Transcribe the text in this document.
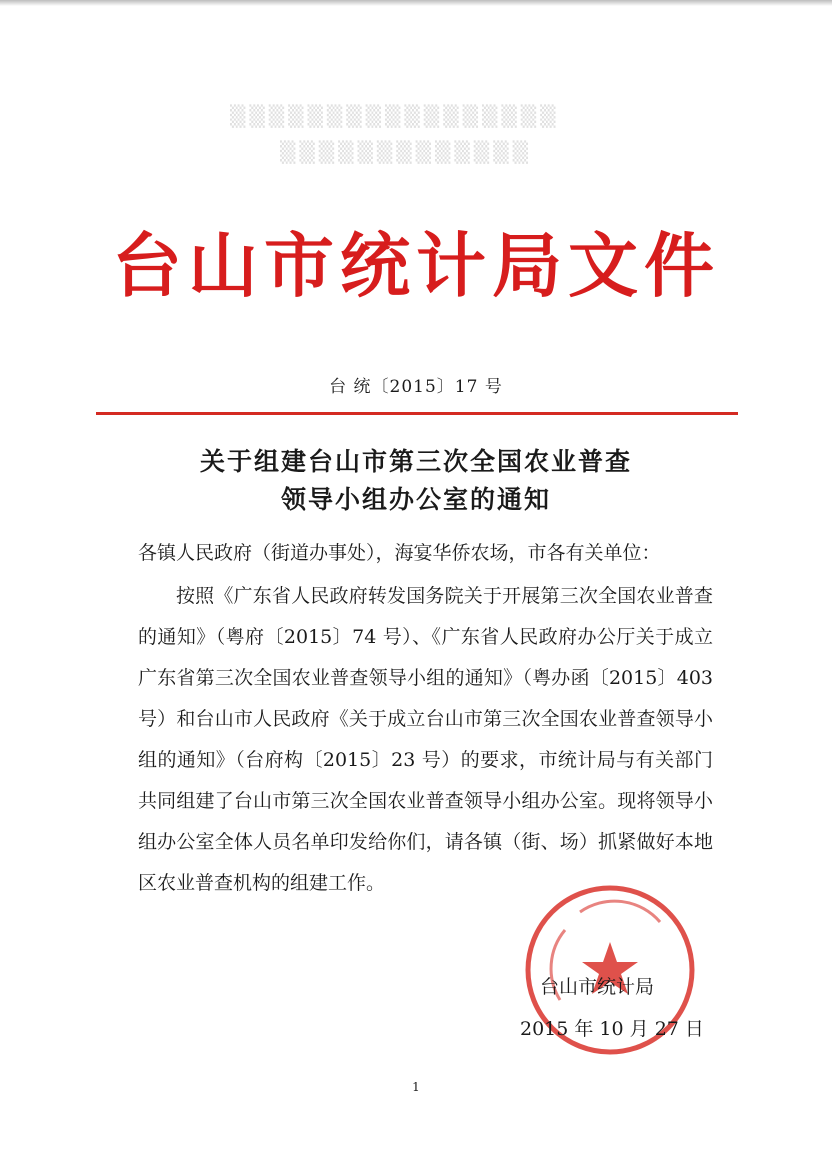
▒▒▒▒▒▒▒▒▒▒▒▒▒▒▒▒▒
▒▒▒▒▒▒▒▒▒▒▒▒▒
台山市统计局文件
台 统〔2015〕17 号
关于组建台山市第三次全国农业普查
领导小组办公室的通知
各镇人民政府（街道办事处），海宴华侨农场，市各有关单位：
按照《广东省人民政府转发国务院关于开展第三次全国农业普查的通知》（粤府〔2015〕74 号）、《广东省人民政府办公厅关于成立广东省第三次全国农业普查领导小组的通知》（粤办函〔2015〕403 号）和台山市人民政府《关于成立台山市第三次全国农业普查领导小组的通知》（台府构〔2015〕23 号）的要求，市统计局与有关部门共同组建了台山市第三次全国农业普查领导小组办公室。现将领导小组办公室全体人员名单印发给你们，请各镇（街、场）抓紧做好本地区农业普查机构的组建工作。
台山市统计局
2015 年 10 月 27 日
1
